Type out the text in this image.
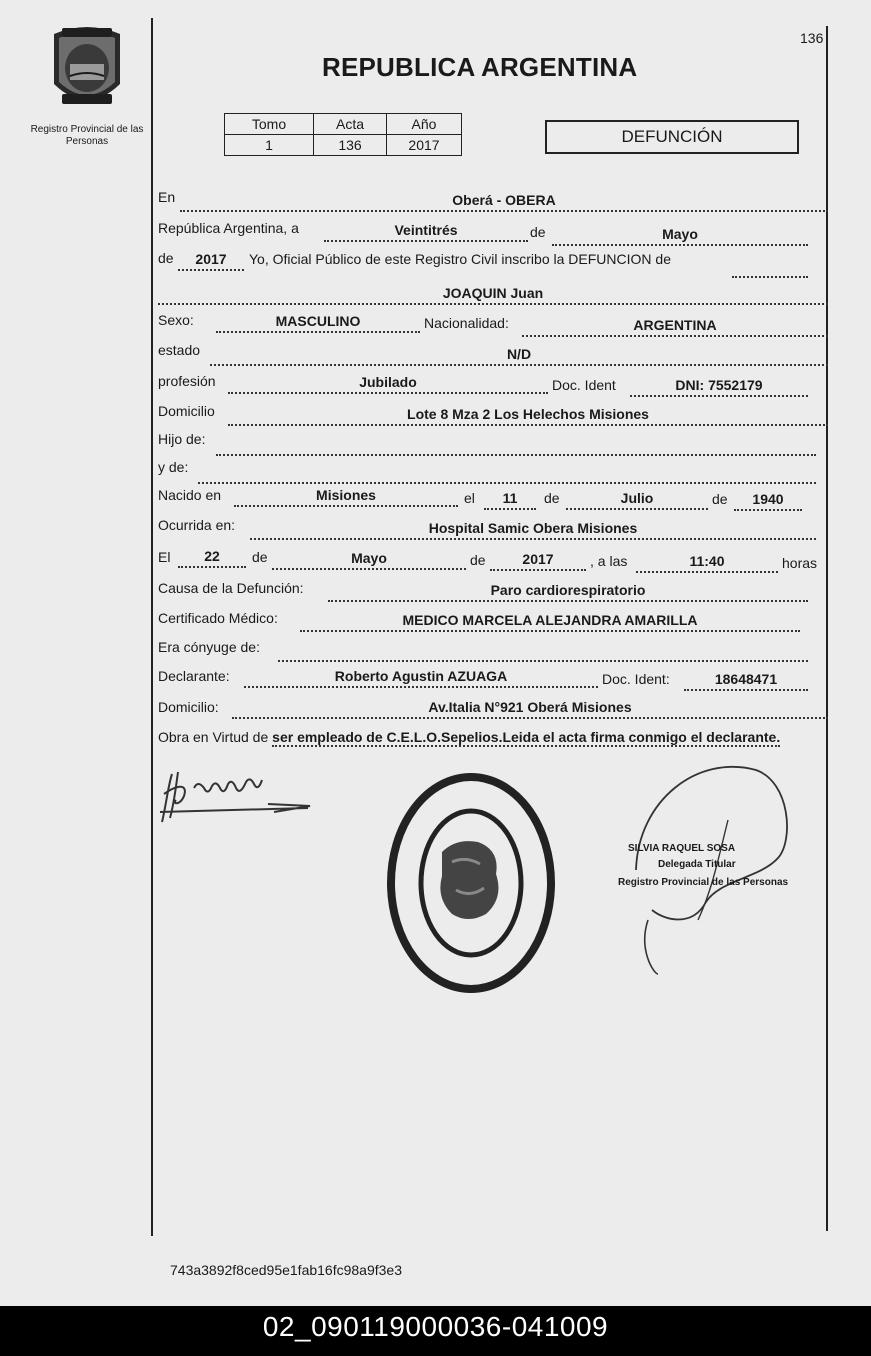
Registro Provincial de las Personas
136
REPUBLICA ARGENTINA
Tomo	Acta	Año
1	136	2017	DEFUNCIÓN
En	Oberá - OBERA
República Argentina, a	Veintitrés	de	Mayo
de	2017	Yo, Oficial Público de este Registro Civil inscribo la DEFUNCION de
JOAQUIN Juan
Sexo:	MASCULINO	Nacionalidad:	ARGENTINA
estado	N/D
profesión	Jubilado	Doc. Ident	DNI: 7552179
Domicilio	Lote 8 Mza 2 Los Helechos Misiones
Hijo de:
y de:
Nacido en	Misiones	el	11	de	Julio	de	1940
Ocurrida en:	Hospital Samic Obera Misiones
El	22	de	Mayo	de	2017	, a las	11:40	horas
Causa de la Defunción:	Paro cardiorespiratorio
Certificado Médico:	MEDICO MARCELA ALEJANDRA AMARILLA
Era cónyuge de:
Declarante:	Roberto Agustin AZUAGA	Doc. Ident:	18648471
Domicilio:	Av.Italia N°921 Oberá Misiones
Obra en Virtud de ser empleado de C.E.L.O.Sepelios.Leida el acta firma conmigo el declarante.
SILVIA RAQUEL SOSA
Delegada Titular
Registro Provincial de las Personas
743a3892f8ced95e1fab16fc98a9f3e3
02_090119000036-041009
